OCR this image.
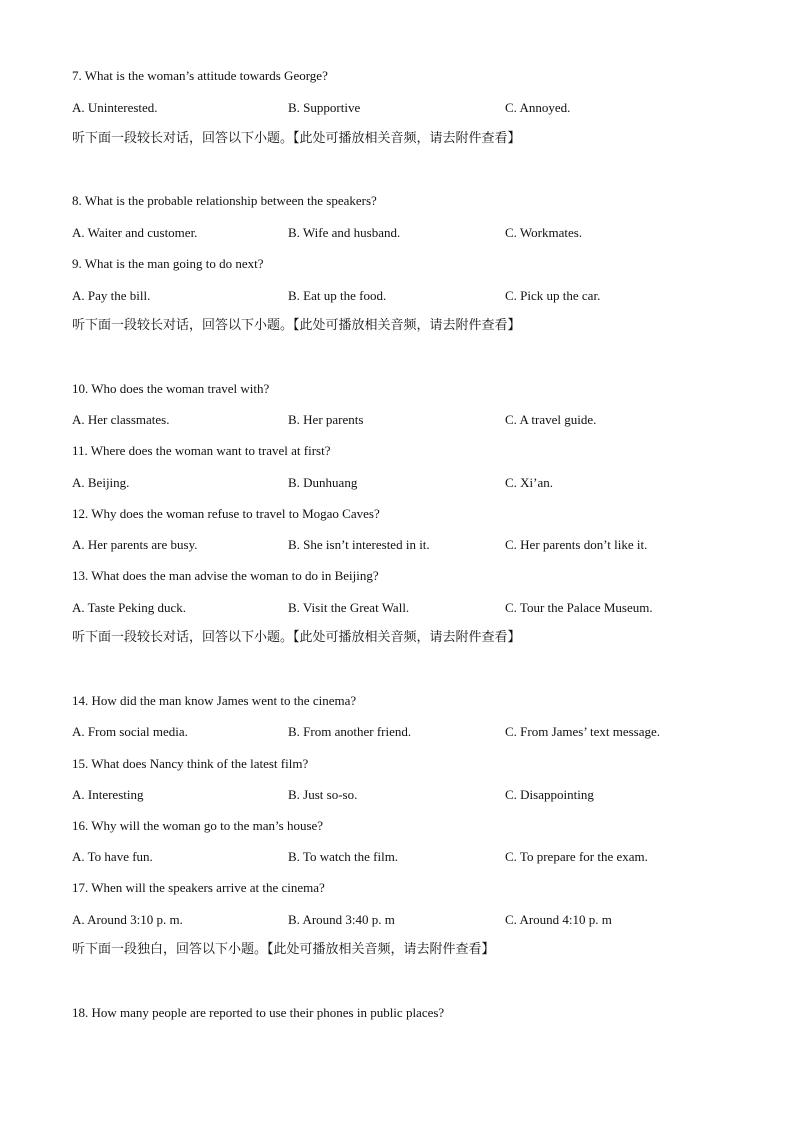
7. What is the woman’s attitude towards George?
A. Uninterested.	B. Supportive	C. Annoyed.
听下面一段较长对话，回答以下小题。【此处可播放相关音频，请去附件查看】
8. What is the probable relationship between the speakers?
A. Waiter and customer.	B. Wife and husband.	C. Workmates.
9. What is the man going to do next?
A. Pay the bill.	B. Eat up the food.	C. Pick up the car.
听下面一段较长对话，回答以下小题。【此处可播放相关音频，请去附件查看】
10. Who does the woman travel with?
A. Her classmates.	B. Her parents	C. A travel guide.
11. Where does the woman want to travel at first?
A. Beijing.	B. Dunhuang	C. Xi’an.
12. Why does the woman refuse to travel to Mogao Caves?
A. Her parents are busy.	B. She isn’t interested in it.	C. Her parents don’t like it.
13. What does the man advise the woman to do in Beijing?
A. Taste Peking duck.	B. Visit the Great Wall.	C. Tour the Palace Museum.
听下面一段较长对话，回答以下小题。【此处可播放相关音频，请去附件查看】
14. How did the man know James went to the cinema?
A. From social media.	B. From another friend.	C. From James’ text message.
15. What does Nancy think of the latest film?
A. Interesting	B. Just so-so.	C. Disappointing
16. Why will the woman go to the man’s house?
A. To have fun.	B. To watch the film.	C. To prepare for the exam.
17. When will the speakers arrive at the cinema?
A. Around 3:10 p. m.	B. Around 3:40 p. m	C. Around 4:10 p. m
听下面一段独白，回答以下小题。【此处可播放相关音频，请去附件查看】
18. How many people are reported to use their phones in public places?
